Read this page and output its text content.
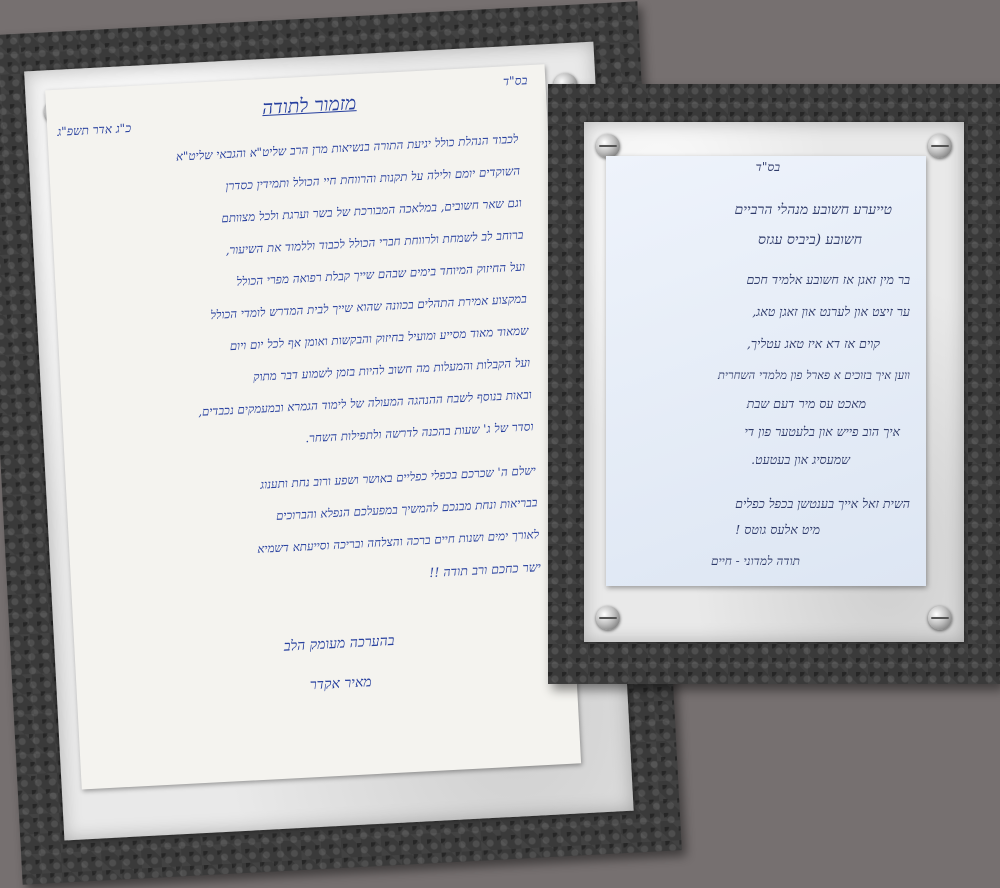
בס"ד
כ"ג אדר תשפ"ג
מזמור לתודה
לכבוד הנהלת כולל יגיעת התורה בנשיאות מרן הרב שליט"א והגבאי שליט"א
השוקדים יומם ולילה על תקנות והרווחת חיי הכולל ותמידין כסדרן
וגם שאר חשובים, במלאכה המבורכת של בשר וערגת ולכל מצוותם
ברוחב לב לשמחת ולרווחת חברי הכולל לכבוד וללמוד את השיעור,
ועל החיזוק המיוחד בימים שבהם שייך קבלת רפואה מפרי הכולל
במקצוע אמירת התהלים בכוונה שהוא שייך לבית המדרש לומדי הכולל
שמאוד מאוד מסייע ומועיל בחיזוק והבקשות ואומן אף לכל יום ויום
ועל הקבלות והמעלות מה חשוב להיות בזמן לשמוע דבר מתוק
ובאות בנוסף לשבח ההנהגה המעולה של לימוד הגמרא ובמעמקים נכבדים,
וסדר של ג' שעות בהכנה לדרשה ולתפילות השחר.
ישלם ה' שכרכם בכפלי כפליים באושר ושפע ורוב נחת ותענוג
בבריאות ונחת מבנכם להמשיך במפעלכם הנפלא והברוכים
לאורך ימים ושנות חיים ברכה והצלחה ובריכה וסייעתא דשמיא
ישר כחכם ורב תודה !!
בהערכה מעומק הלב
מאיר אקדר
בס"ד
טייערע חשובע מנהלי הרביים
חשובע (ביביס עגזס
בר מין זאגן אז חשובע אלמיד חכם
ער זיצט און לערנט און זאגן טאג,
קוים אז דא איז טאג עטליך,
ווען איך בזוכים א פארל פון מלמדי השחרית
מאכט עס מיר דעם שבת
איך הוב פייש און בלעטער פון די
שמעסיג און בעטעט.
השית זאל אייך בענטשן בכפל כפלים
מיט אלעס גוטס !
תודה למדוני - חיים
